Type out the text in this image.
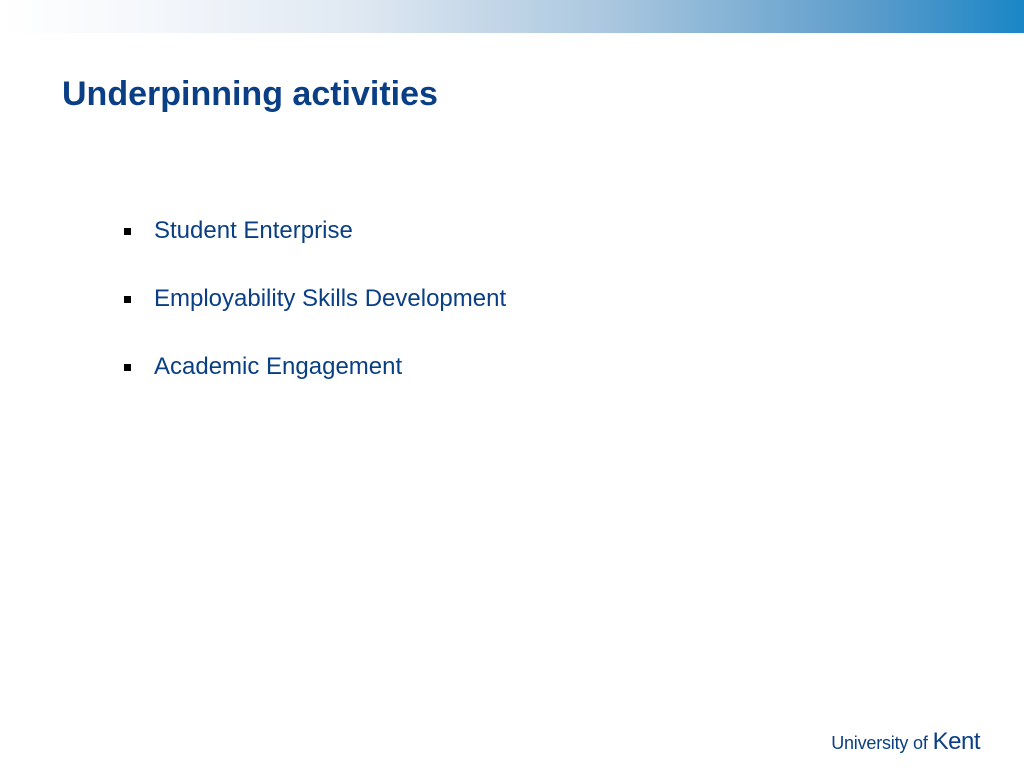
Underpinning activities
Student Enterprise
Employability Skills Development
Academic Engagement
University of Kent
